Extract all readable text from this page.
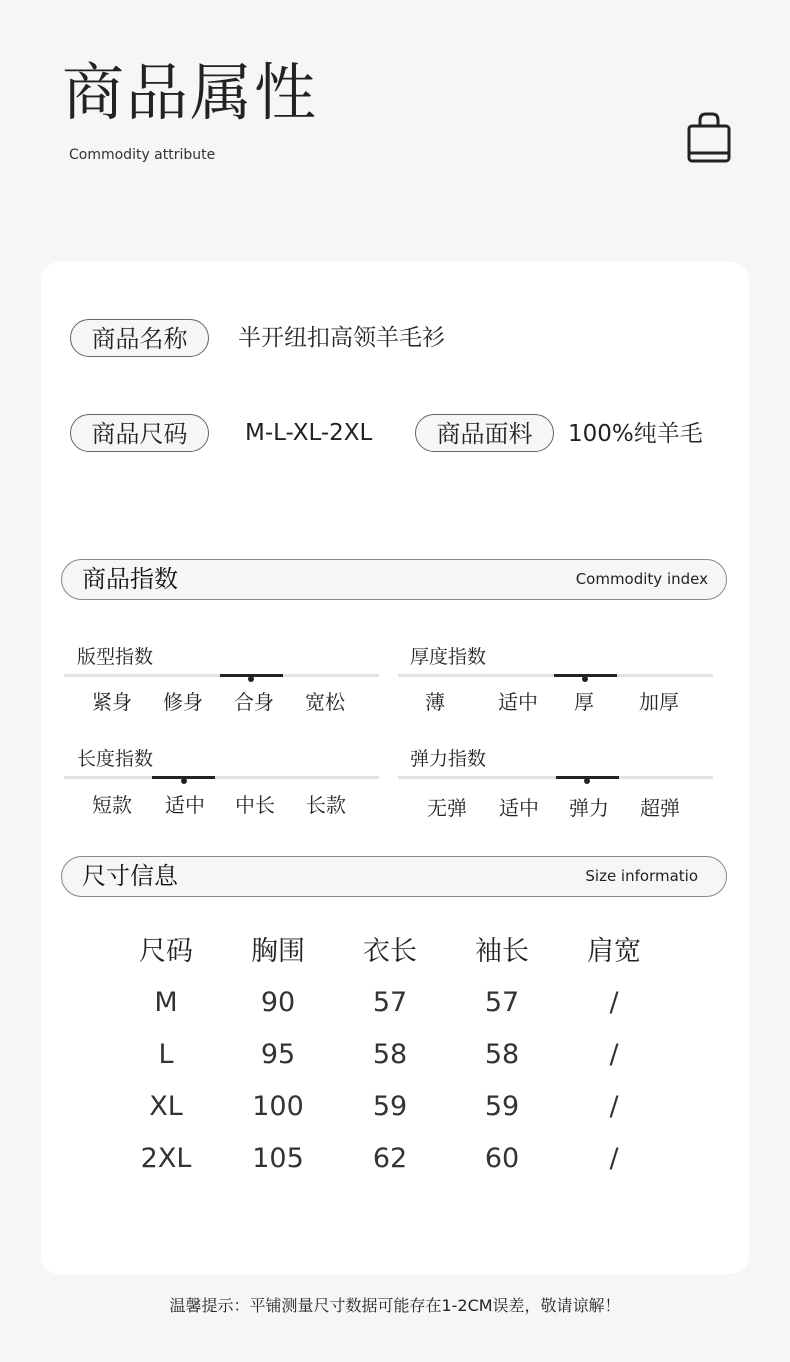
商品属性
Commodity attribute
商品名称	半开纽扣高领羊毛衫
商品尺码	M-L-XL-2XL	商品面料	100%纯羊毛
商品指数	Commodity index
版型指数
紧身	修身	合身	宽松
厚度指数
薄	适中	厚	加厚
长度指数
短款	适中	中长	长款
弹力指数
无弹	适中	弹力	超弹
尺寸信息	Size informatio
尺码	胸围	衣长	袖长	肩宽
M	90	57	57	/
L	95	58	58	/
XL	100	59	59	/
2XL	105	62	60	/
温馨提示：平铺测量尺寸数据可能存在1-2CM误差，敬请谅解！
